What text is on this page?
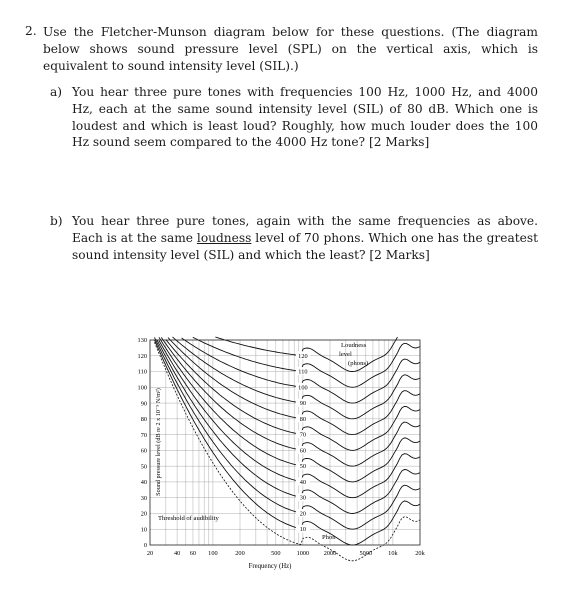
2. Use the Fletcher-Munson diagram below for these questions. (The diagram below shows sound pressure level (SPL) on the vertical axis, which is equivalent to sound intensity level (SIL).)
a) You hear three pure tones with frequencies 100 Hz, 1000 Hz, and 4000 Hz, each at the same sound intensity level (SIL) of 80 dB. Which one is loudest and which is least loud? Roughly, how much louder does the 100 Hz sound seem compared to the 4000 Hz tone? [2 Marks]
b) You hear three pure tones, again with the same frequencies as above. Each is at the same loudness level of 70 phons. Which one has the greatest sound intensity level (SIL) and which the least? [2 Marks]
0
10
20
30
40
50
60
70
80
90
100
110
120
130
20	40 60 100	200	500	1000 2000	5000	10k	20k
10
20
30
40
50
60
70
80
90
100
110
120
Sound pressure level (dB re 2 x 10⁻⁵ N/m²)
Frequency (Hz)
Loudness
level
(phons)
Threshold of audibility
Phon
